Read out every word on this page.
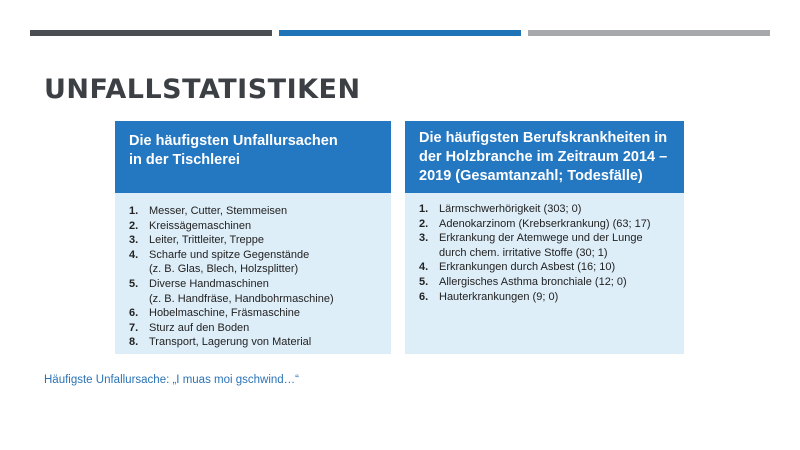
UNFALLSTATISTIKEN
Die häufigsten Unfallursachen
in der Tischlerei
1. Messer, Cutter, Stemmeisen
2. Kreissägemaschinen
3. Leiter, Trittleiter, Treppe
4. Scharfe und spitze Gegenstände
(z. B. Glas, Blech, Holzsplitter)
5. Diverse Handmaschinen
(z. B. Handfräse, Handbohrmaschine)
6. Hobelmaschine, Fräsmaschine
7. Sturz auf den Boden
8. Transport, Lagerung von Material
Die häufigsten Berufskrankheiten in
der Holzbranche im Zeitraum 2014 –
2019 (Gesamtanzahl; Todesfälle)
1. Lärmschwerhörigkeit (303; 0)
2. Adenokarzinom (Krebserkrankung) (63; 17)
3. Erkrankung der Atemwege und der Lunge
durch chem. irritative Stoffe (30; 1)
4. Erkrankungen durch Asbest (16; 10)
5. Allergisches Asthma bronchiale (12; 0)
6. Hauterkrankungen (9; 0)

Häufigste Unfallursache: „I muas moi gschwind…“
